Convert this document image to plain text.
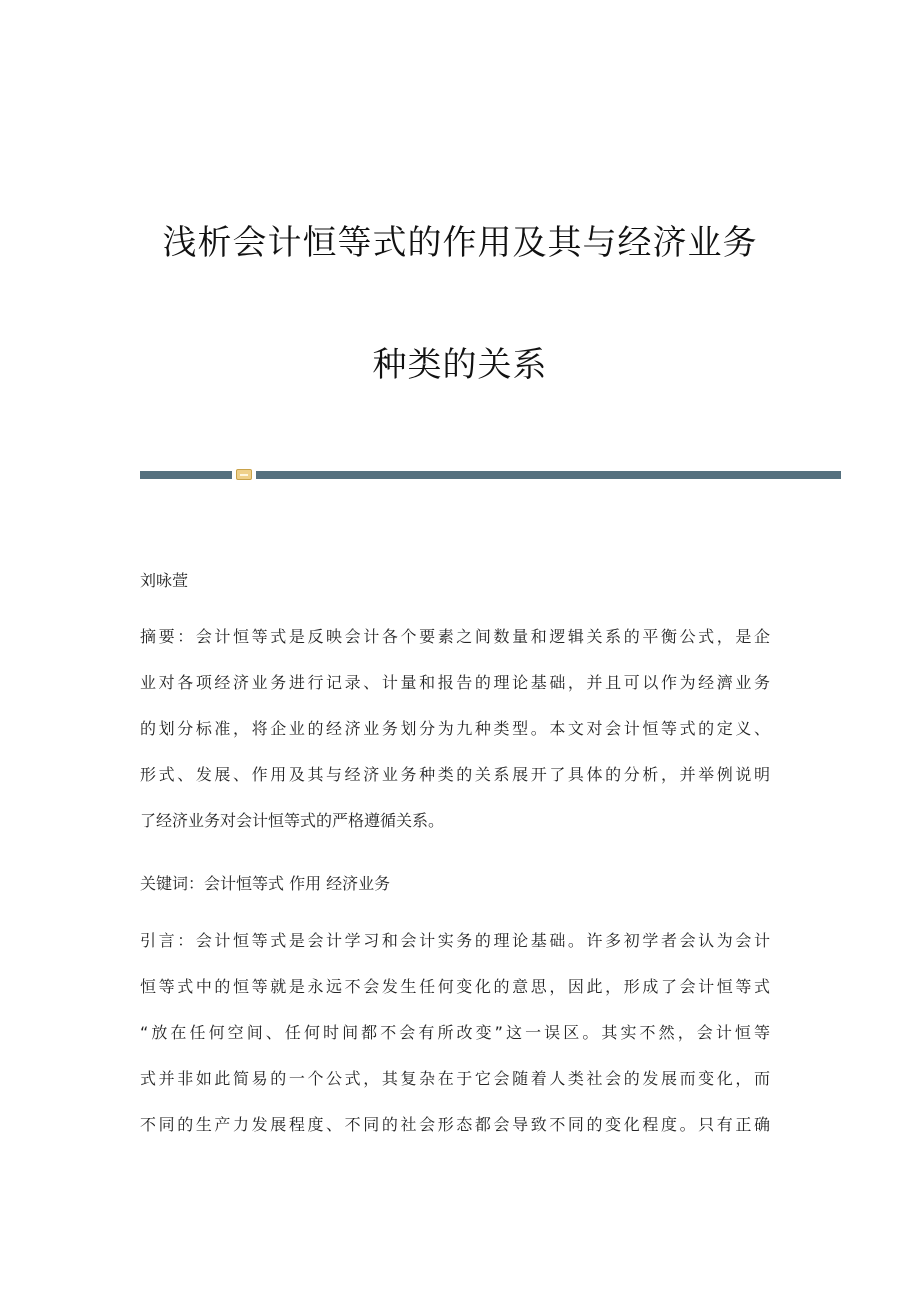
浅析会计恒等式的作用及其与经济业务
种类的关系
刘咏萱
摘要：会计恒等式是反映会计各个要素之间数量和逻辑关系的平衡公式，是企
业对各项经济业务进行记录、计量和报告的理论基础，并且可以作为经濟业务
的划分标准，将企业的经济业务划分为九种类型。本文对会计恒等式的定义、
形式、发展、作用及其与经济业务种类的关系展开了具体的分析，并举例说明
了经济业务对会计恒等式的严格遵循关系。
关键词：会计恒等式 作用 经济业务
引言：会计恒等式是会计学习和会计实务的理论基础。许多初学者会认为会计
恒等式中的恒等就是永远不会发生任何变化的意思，因此，形成了会计恒等式
“放在任何空间、任何时间都不会有所改变”这一误区。其实不然，会计恒等
式并非如此简易的一个公式，其复杂在于它会随着人类社会的发展而变化，而
不同的生产力发展程度、不同的社会形态都会导致不同的变化程度。只有正确
